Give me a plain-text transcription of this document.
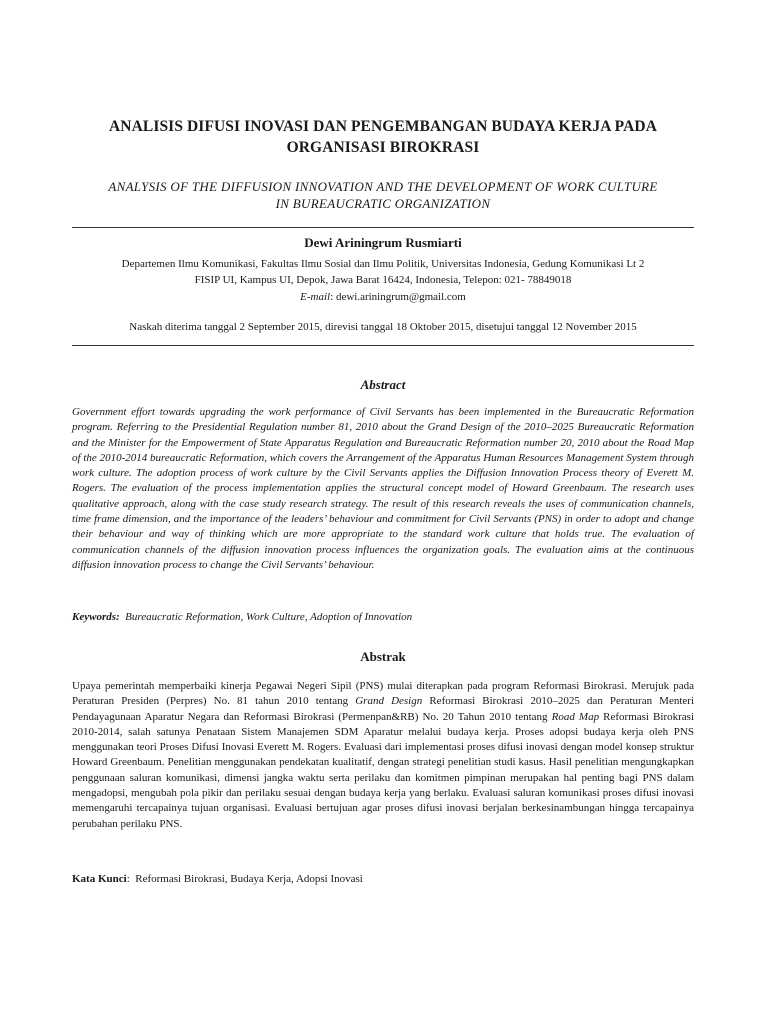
ANALISIS DIFUSI INOVASI DAN PENGEMBANGAN BUDAYA KERJA PADA
ORGANISASI BIROKRASI
ANALYSIS OF THE DIFFUSION INNOVATION AND THE DEVELOPMENT OF WORK CULTURE
IN BUREAUCRATIC ORGANIZATION
Dewi Ariningrum Rusmiarti
Departemen Ilmu Komunikasi, Fakultas Ilmu Sosial dan Ilmu Politik, Universitas Indonesia, Gedung Komunikasi Lt 2
FISIP UI, Kampus UI, Depok, Jawa Barat 16424, Indonesia, Telepon: 021- 78849018
E-mail: dewi.ariningrum@gmail.com
Naskah diterima tanggal 2 September 2015, direvisi tanggal 18 Oktober 2015, disetujui tanggal 12 November 2015
Abstract
Government effort towards upgrading the work performance of Civil Servants has been implemented in the Bureaucratic Reformation program. Referring to the Presidential Regulation number 81, 2010 about the Grand Design of the 2010–2025 Bureaucratic Reformation and the Minister for the Empowerment of State Apparatus Regulation and Bureaucratic Reformation number 20, 2010 about the Road Map of the 2010-2014 bureaucratic Reformation, which covers the Arrangement of the Apparatus Human Resources Management System through work culture. The adoption process of work culture by the Civil Servants applies the Diffusion Innovation Process theory of Everett M. Rogers. The evaluation of the process implementation applies the structural concept model of Howard Greenbaum. The research uses qualitative approach, along with the case study research strategy. The result of this research reveals the uses of communication channels, time frame dimension, and the importance of the leaders’ behaviour and commitment for Civil Servants (PNS) in order to adopt and change their behaviour and way of thinking which are more appropriate to the standard work culture that holds true. The evaluation of communication channels of the diffusion innovation process influences the organization goals. The evaluation aims at the continuous diffusion innovation process to change the Civil Servants’ behaviour.
Keywords: Bureaucratic Reformation, Work Culture, Adoption of Innovation
Abstrak
Upaya pemerintah memperbaiki kinerja Pegawai Negeri Sipil (PNS) mulai diterapkan pada program Reformasi Birokrasi. Merujuk pada Peraturan Presiden (Perpres) No. 81 tahun 2010 tentang Grand Design Reformasi Birokrasi 2010–2025 dan Peraturan Menteri Pendayagunaan Aparatur Negara dan Reformasi Birokrasi (Permenpan&RB) No. 20 Tahun 2010 tentang Road Map Reformasi Birokrasi 2010-2014, salah satunya Penataan Sistem Manajemen SDM Aparatur melalui budaya kerja. Proses adopsi budaya kerja oleh PNS menggunakan teori Proses Difusi Inovasi Everett M. Rogers. Evaluasi dari implementasi proses difusi inovasi dengan model konsep struktur Howard Greenbaum. Penelitian menggunakan pendekatan kualitatif, dengan strategi penelitian studi kasus. Hasil penelitian mengungkapkan penggunaan saluran komunikasi, dimensi jangka waktu serta perilaku dan komitmen pimpinan merupakan hal penting bagi PNS dalam mengadopsi, mengubah pola pikir dan perilaku sesuai dengan budaya kerja yang berlaku. Evaluasi saluran komunikasi proses difusi inovasi memengaruhi tercapainya tujuan organisasi. Evaluasi bertujuan agar proses difusi inovasi berjalan berkesinambungan hingga tercapainya perubahan perilaku PNS.
Kata Kunci:  Reformasi Birokrasi, Budaya Kerja, Adopsi Inovasi
